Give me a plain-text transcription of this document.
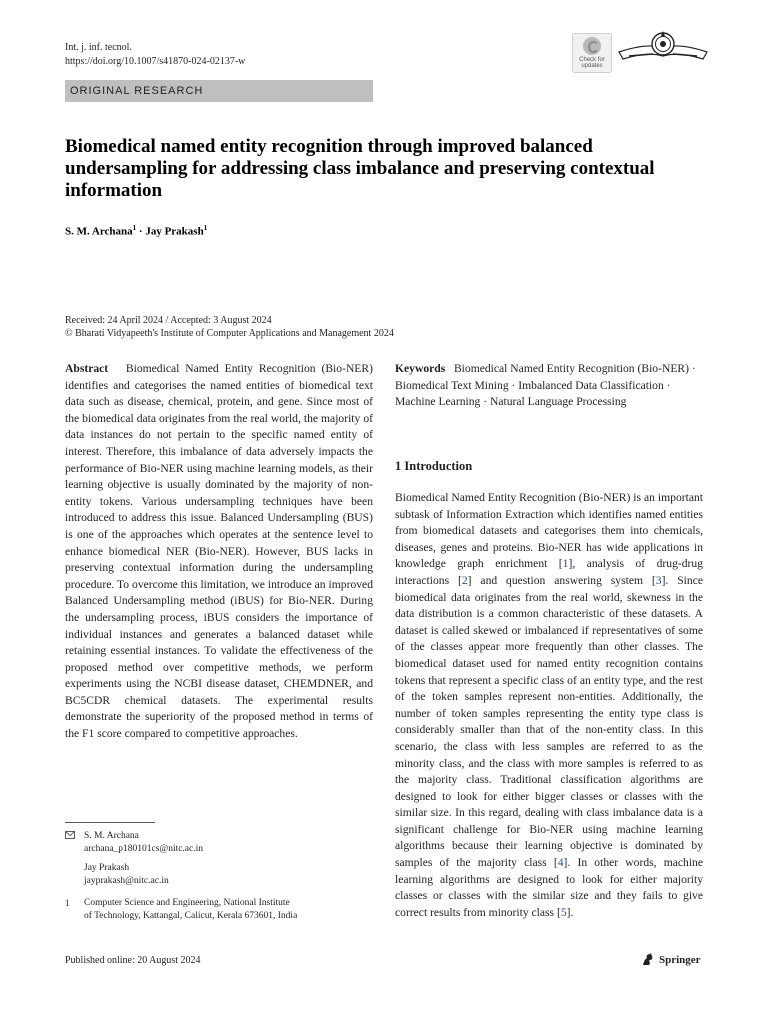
Int. j. inf. tecnol.
https://doi.org/10.1007/s41870-024-02137-w	Check for
updates
ORIGINAL RESEARCH
Biomedical named entity recognition through improved balanced undersampling for addressing class imbalance and preserving contextual information
S. M. Archana$^1$ · Jay Prakash$^1$
Received: 24 April 2024 / Accepted: 3 August 2024
© Bharati Vidyapeeth's Institute of Computer Applications and Management 2024

Abstract Biomedical Named Entity Recognition (Bio-NER) identifies and categorises the named entities of biomedical text data such as disease, chemical, protein, and gene. Since most of the biomedical data originates from the real world, the majority of data instances do not pertain to the specific named entity of interest. Therefore, this imbalance of data adversely impacts the performance of Bio-NER using machine learning models, as their learning objective is usually dominated by the majority of non-entity tokens. Various undersampling techniques have been introduced to address this issue. Balanced Undersampling (BUS) is one of the approaches which operates at the sentence level to enhance biomedical NER (Bio-NER). However, BUS lacks in preserving contextual information during the undersampling procedure. To overcome this limitation, we introduce an improved Balanced Undersampling method (iBUS) for Bio-NER. During the undersampling process, iBUS considers the importance of individual instances and generates a balanced dataset while retaining essential instances. To validate the effectiveness of the proposed method over competitive methods, we perform experiments using the NCBI disease dataset, CHEMDNER, and BC5CDR chemical datasets. The experimental results demonstrate the superiority of the proposed method in terms of the F1 score compared to competitive approaches.

Keywords Biomedical Named Entity Recognition (Bio-NER) · Biomedical Text Mining · Imbalanced Data Classification · Machine Learning · Natural Language Processing

1 Introduction

Biomedical Named Entity Recognition (Bio-NER) is an important subtask of Information Extraction which identifies named entities from biomedical datasets and categorises them into chemicals, diseases, genes and proteins. Bio-NER has wide applications in knowledge graph enrichment [1], analysis of drug-drug interactions [2] and question answering system [3]. Since biomedical data originates from the real world, skewness in the data distribution is a common characteristic of these datasets. A dataset is called skewed or imbalanced if representatives of some of the classes appear more frequently than other classes. The biomedical dataset used for named entity recognition contains tokens that represent a specific class of an entity type, and the rest of the token samples represent non-entities. Additionally, the number of token samples representing the entity type class is considerably smaller than that of the non-entity class. In this scenario, the class with less samples are referred to as the minority class, and the class with more samples is referred to as the majority class. Traditional classification algorithms are designed to look for either bigger classes or classes with the similar size. In this regard, dealing with class imbalance data is a significant challenge for Bio-NER using machine learning algorithms because their learning objective is dominated by samples of the majority class [4]. In other words, machine learning algorithms are designed to look for either majority classes or classes with the similar size and they fails to give correct results from minority class [5].

S. M. Archana
archana_p180101cs@nitc.ac.in
Jay Prakash
jayprakash@nitc.ac.in
1	Computer Science and Engineering, National Institute
of Technology, Kattangal, Calicut, Kerala 673601, India
Published online: 20 August 2024	Springer
